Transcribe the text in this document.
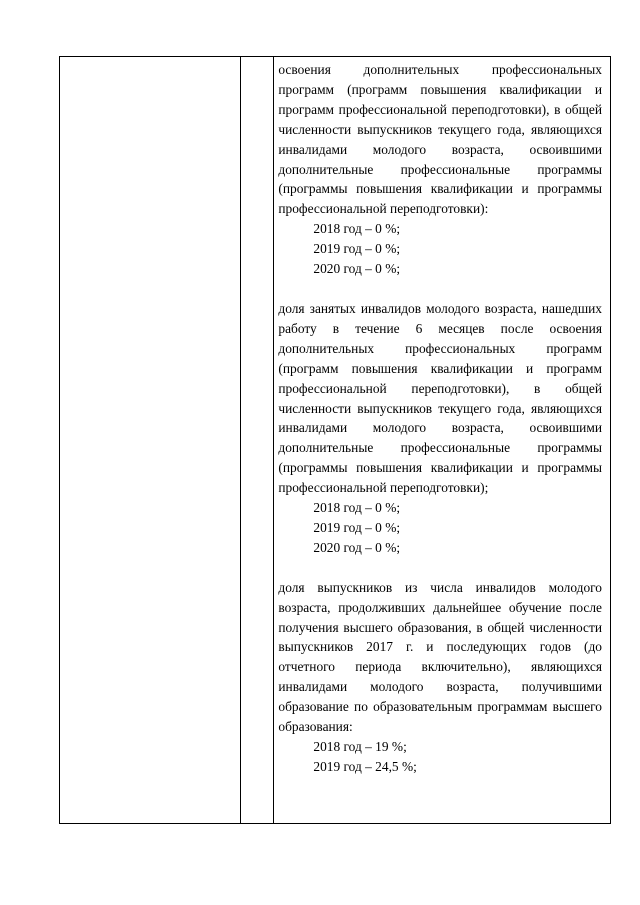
освоения дополнительных профессиональных программ (программ повышения квалификации и программ профессиональной переподготовки), в общей численности выпускников текущего года, являющихся инвалидами молодого возраста, освоившими дополнительные профессиональные программы (программы повышения квалификации и программы профессиональной переподготовки):

2018 год – 0 %;

2019 год – 0 %;

2020 год – 0 %;

доля занятых инвалидов молодого возраста, нашедших работу в течение 6 месяцев после освоения дополнительных профессиональных программ (программ повышения квалификации и программ профессиональной переподготовки), в общей численности выпускников текущего года, являющихся инвалидами молодого возраста, освоившими дополнительные профессиональные программы (программы повышения квалификации и программы профессиональной переподготовки);

2018 год – 0 %;

2019 год – 0 %;

2020 год – 0 %;

доля выпускников из числа инвалидов молодого возраста, продолживших дальнейшее обучение после получения высшего образования, в общей численности выпускников 2017 г. и последующих годов (до отчетного периода включительно), являющихся инвалидами молодого возраста, получившими образование по образовательным программам высшего образования:

2018 год – 19 %;

2019 год – 24,5 %;
